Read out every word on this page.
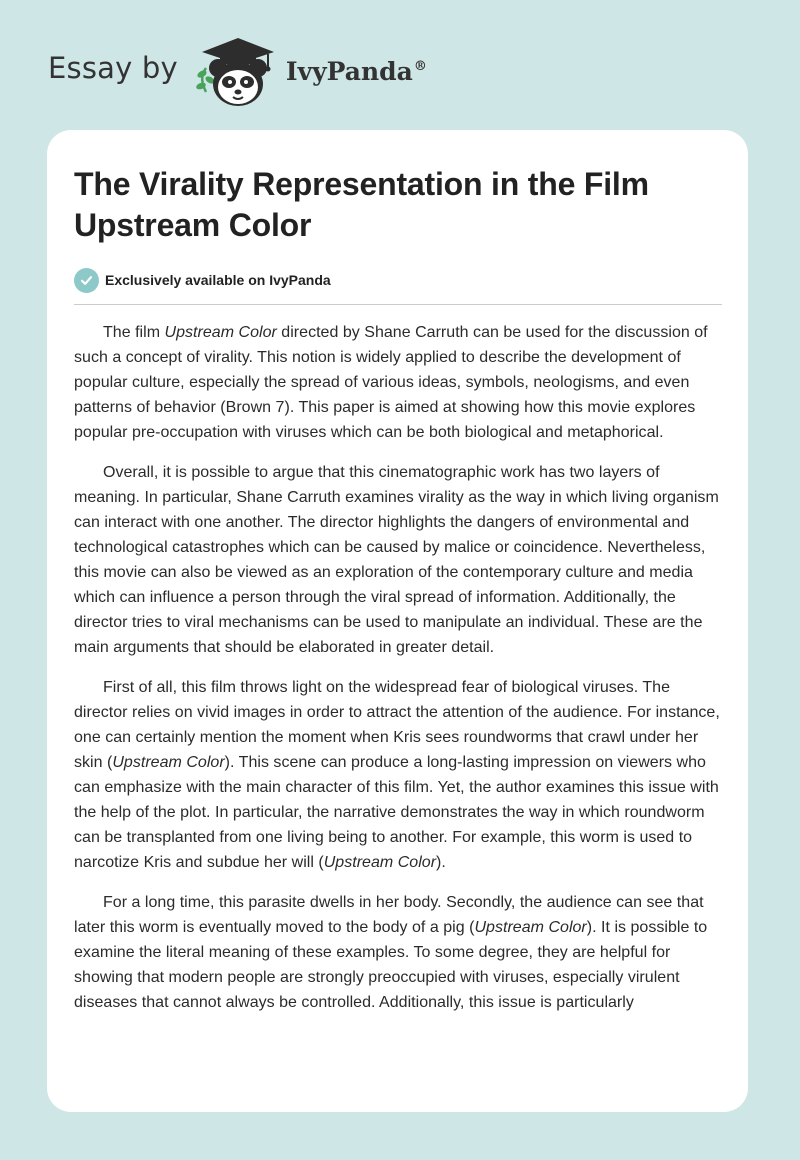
Essay by	IvyPanda®
The Virality Representation in the Film Upstream Color
Exclusively available on IvyPanda

The film Upstream Color directed by Shane Carruth can be used for the discussion of such a concept of virality. This notion is widely applied to describe the development of popular culture, especially the spread of various ideas, symbols, neologisms, and even patterns of behavior (Brown 7). This paper is aimed at showing how this movie explores popular pre-occupation with viruses which can be both biological and metaphorical.

Overall, it is possible to argue that this cinematographic work has two layers of meaning. In particular, Shane Carruth examines virality as the way in which living organism can interact with one another. The director highlights the dangers of environmental and technological catastrophes which can be caused by malice or coincidence. Nevertheless, this movie can also be viewed as an exploration of the contemporary culture and media which can influence a person through the viral spread of information. Additionally, the director tries to viral mechanisms can be used to manipulate an individual. These are the main arguments that should be elaborated in greater detail.

First of all, this film throws light on the widespread fear of biological viruses. The director relies on vivid images in order to attract the attention of the audience. For instance, one can certainly mention the moment when Kris sees roundworms that crawl under her skin (Upstream Color). This scene can produce a long-lasting impression on viewers who can emphasize with the main character of this film. Yet, the author examines this issue with the help of the plot. In particular, the narrative demonstrates the way in which roundworm can be transplanted from one living being to another. For example, this worm is used to narcotize Kris and subdue her will (Upstream Color).

For a long time, this parasite dwells in her body. Secondly, the audience can see that later this worm is eventually moved to the body of a pig (Upstream Color). It is possible to examine the literal meaning of these examples. To some degree, they are helpful for showing that modern people are strongly preoccupied with viruses, especially virulent diseases that cannot always be controlled. Additionally, this issue is particularly
